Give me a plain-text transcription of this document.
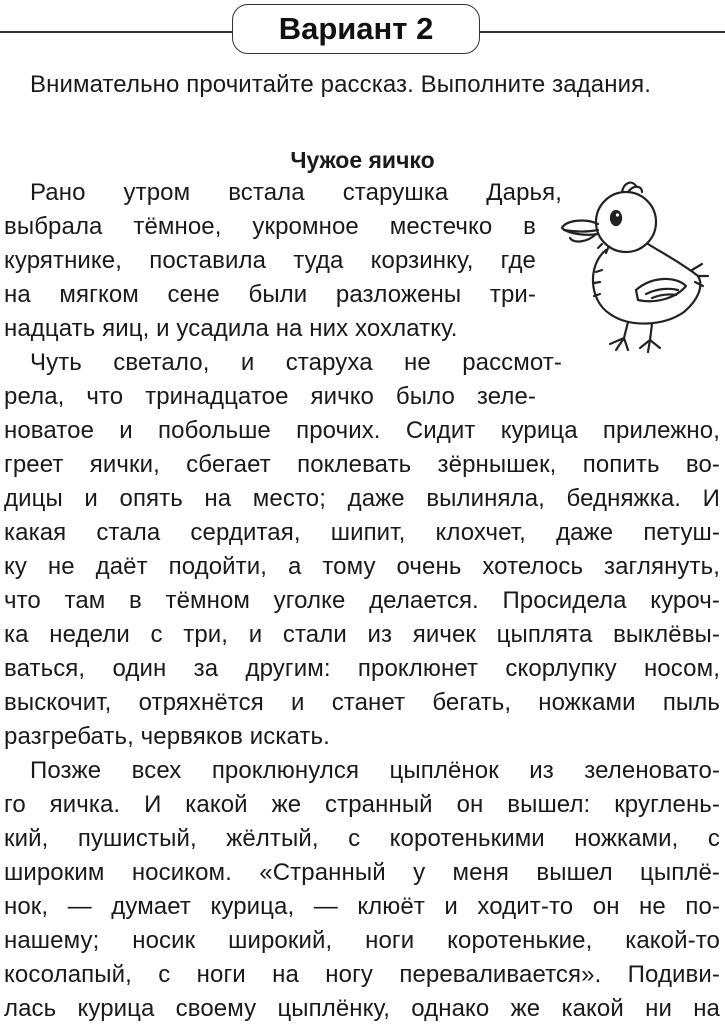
Вариант 2

Внимательно прочитайте рассказ. Выполните задания.

Чужое яичко

Рано утром встала старушка Дарья,
выбрала тёмное, укромное местечко в
курятнике, поставила туда корзинку, где
на мягком сене были разложены три-
надцать яиц, и усадила на них хохлатку.
Чуть светало, и старуха не рассмот-
рела, что тринадцатое яичко было зеле-
новатое и побольше прочих. Сидит курица прилежно,
греет яички, сбегает поклевать зёрнышек, попить во-
дицы и опять на место; даже вылиняла, бедняжка. И
какая стала сердитая, шипит, клохчет, даже петуш-
ку не даёт подойти, а тому очень хотелось заглянуть,
что там в тёмном уголке делается. Просидела куроч-
ка недели с три, и стали из яичек цыплята выклёвы-
ваться, один за другим: проклюнет скорлупку носом,
выскочит, отряхнётся и станет бегать, ножками пыль
разгребать, червяков искать.
Позже всех проклюнулся цыплёнок из зеленовато-
го яичка. И какой же странный он вышел: круглень-
кий, пушистый, жёлтый, с коротенькими ножками, с
широким носиком. «Странный у меня вышел цыплё-
нок, — думает курица, — клюёт и ходит-то он не по-
нашему; носик широкий, ноги коротенькие, какой-то
косолапый, с ноги на ногу переваливается». Подиви-
лась курица своему цыплёнку, однако же какой ни на
